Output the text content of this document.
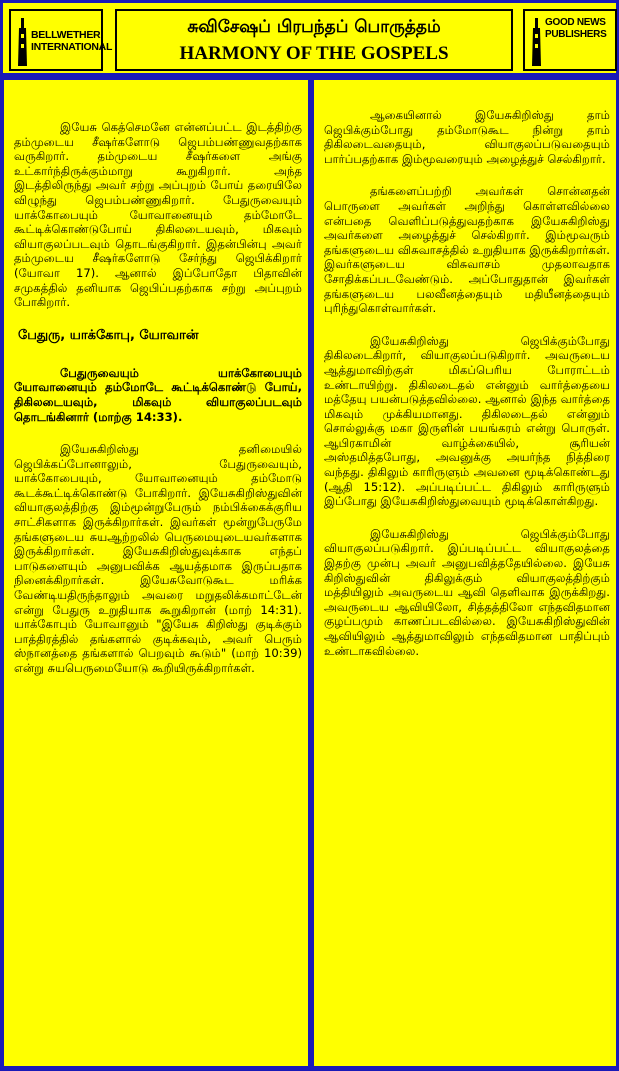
BELLWETHER INTERNATIONAL
சுவிசேஷப் பிரபந்தப் பொருத்தம்
HARMONY OF THE GOSPELS
GOOD NEWS PUBLISHERS

இயேசு கெத்செமனே என்னப்பட்ட இடத்திற்கு தம்முடைய சீஷர்களோடு ஜெபம்பண்ணுவதற்காக வருகிறார். தம்முடைய சீஷர்களை அங்கு உட்கார்ந்திருக்கும்மாறு கூறுகிறார். அந்த இடத்திலிருந்து அவர் சற்று அப்புறம் போய் தரையிலே விழுந்து ஜெபம்பண்ணுகிறார். பேதுருவையும் யாக்கோபையும் யோவானையும் தம்மோடே கூட்டிக்கொண்டுபோய் திகிலடையவும், மிகவும் வியாகுலப்படவும் தொடங்குகிறார். இதன்பின்பு அவர் தம்முடைய சீஷர்களோடு சேர்ந்து ஜெபிக்கிறார் (யோவா 17). ஆனால் இப்போதோ பிதாவின் சமுகத்தில் தனியாக ஜெபிப்பதற்காக சற்று அப்புறம் போகிறார்.

பேதுரு, யாக்கோபு, யோவான்

பேதுருவையும் யாக்கோபையும் யோவானையும் தம்மோடே கூட்டிக்கொண்டு போய், திகிலடையவும், மிகவும் வியாகுலப்படவும் தொடங்கினார் (மாற்கு 14:33).

இயேசுகிறிஸ்து தனிமையில் ஜெபிக்கப்போனாலும், பேதுருவையும், யாக்கோபையும், யோவானையும் தம்மோடு கூடக்கூட்டிக்கொண்டு போகிறார். இயேசுகிறிஸ்துவின் வியாகுலத்திற்கு இம்மூன்றுபேரும் நம்பிக்கைக்குரிய சாட்சிகளாக இருக்கிறார்கள். இவர்கள் மூன்றுபேருமே தங்களுடைய சுயஆற்றலில் பெருமையுடையவர்களாக இருக்கிறார்கள். இயேசுகிறிஸ்துவுக்காக எந்தப் பாடுகளையும் அனுபவிக்க ஆயத்தமாக இருப்பதாக நினைக்கிறார்கள். இயேசுவோடுகூட மரிக்க வேண்டியதிருந்தாலும் அவரை மறுதலிக்கமாட்டேன் என்று பேதுரு உறுதியாக கூறுகிறான் (மாற் 14:31). யாக்கோபும் யோவானும் "இயேசு கிறிஸ்து குடிக்கும் பாத்திரத்தில் தங்களால் குடிக்கவும், அவர் பெரும் ஸ்நானத்தை தங்களால் பெறவும் கூடும்" (மாற் 10:39) என்று சுயபெருமையோடு கூறியிருக்கிறார்கள்.

ஆகையினால் இயேசுகிறிஸ்து தாம் ஜெபிக்கும்போது தம்மோடுகூட நின்று தாம் திகிலடைவதையும், வியாகுலப்படுவதையும் பார்ப்பதற்காக இம்மூவரையும் அழைத்துச் செல்கிறார்.

தங்களைப்பற்றி அவர்கள் சொன்னதன் பொருளை அவர்கள் அறிந்து கொள்ளவில்லை என்பதை வெளிப்படுத்துவதற்காக இயேசுகிறிஸ்து அவர்களை அழைத்துச் செல்கிறார். இம்மூவரும் தங்களுடைய விசுவாசத்தில் உறுதியாக இருக்கிறார்கள். இவர்களுடைய விசுவாசம் முதலாவதாக சோதிக்கப்படவேண்டும். அப்போதுதான் இவர்கள் தங்களுடைய பலவீனத்தையும் மதியீனத்தையும் புரிந்துகொள்வார்கள்.

இயேசுகிறிஸ்து ஜெபிக்கும்போது திகிலடைகிறார், வியாகுலப்படுகிறார். அவருடைய ஆத்துமாவிற்குள் மிகப்பெரிய போராட்டம் உண்டாயிற்று. திகிலடைதல் என்னும் வார்த்தையை மத்தேயு பயன்படுத்தவில்லை. ஆனால் இந்த வார்த்தை மிகவும் முக்கியமானது. திகிலடைதல் என்னும் சொல்லுக்கு மகா இருளின் பயங்கரம் என்று பொருள். ஆபிரகாமின் வாழ்க்கையில், சூரியன் அஸ்தமித்தபோது, அவனுக்கு அயர்ந்த நித்திரை வந்தது. திகிலும் காரிருளும் அவனை மூடிக்கொண்டது (ஆதி 15:12). அப்படிப்பட்ட திகிலும் காரிருளும் இப்போது இயேசுகிறிஸ்துவையும் மூடிக்கொள்கிறது.

இயேசுகிறிஸ்து ஜெபிக்கும்போது வியாகுலப்படுகிறார். இப்படிப்பட்ட வியாகுலத்தை இதற்கு முன்பு அவர் அனுபவித்ததேயில்லை. இயேசு கிறிஸ்துவின் திகிலுக்கும் வியாகுலத்திற்கும் மத்தியிலும் அவருடைய ஆவி தெளிவாக இருக்கிறது. அவருடைய ஆவியிலோ, சித்தத்திலோ எந்தவிதமான குழப்பமும் காணப்படவில்லை. இயேசுகிறிஸ்துவின் ஆவியிலும் ஆத்துமாவிலும் எந்தவிதமான பாதிப்பும் உண்டாகவில்லை.
